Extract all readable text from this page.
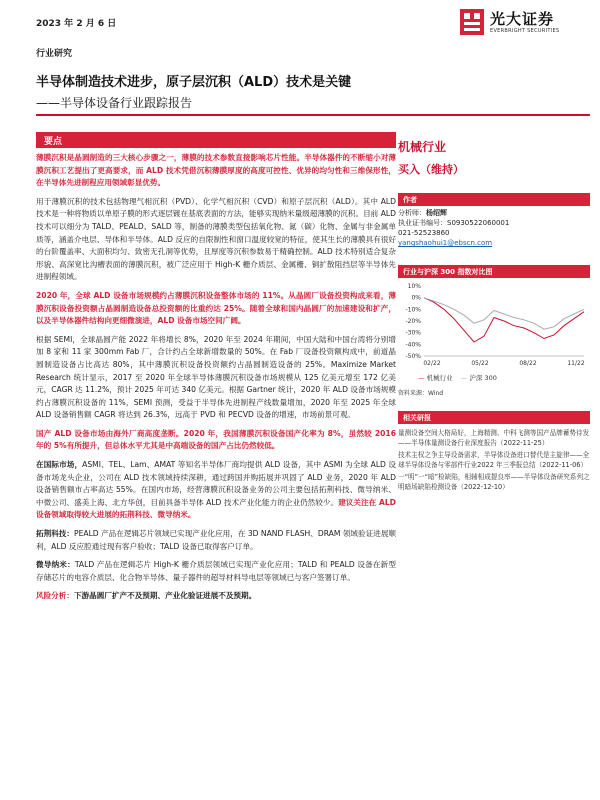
2023 年 2 月 6 日	光大证券
EVERBRIGHT SECURITIES
行业研究
半导体制造技术进步，原子层沉积（ALD）技术是关键
——半导体设备行业跟踪报告
要点

薄膜沉积是晶圆制造的三大核心步骤之一，薄膜的技术参数直接影响芯片性能。半导体器件的不断缩小对薄膜沉积工艺提出了更高要求，而 ALD 技术凭借沉积薄膜厚度的高度可控性、优异的均匀性和三维保形性，在半导体先进制程应用领域彰显优势。

用于薄膜沉积的技术包括物理气相沉积（PVD）、化学气相沉积（CVD）和原子层沉积（ALD）。其中 ALD 技术是一种将物质以单原子膜的形式逐层镀在基底表面的方法，能够实现纳米量级超薄膜的沉积。目前 ALD 技术可以细分为 TALD、PEALD、SALD 等，制备的薄膜类型包括氧化物、氮（碳）化物、金属与非金属单质等，涵盖介电层、导体和半导体。ALD 反应的自限制性和窗口温度较宽的特征，使其生长的薄膜具有很好的台阶覆盖率、大面积均匀、致密无孔洞等优势，且厚度等沉积参数易于精确控制。ALD 技术特别适合复杂形貌、高深宽比沟槽表面的薄膜沉积，被广泛应用于 High-K 栅介质层、金属栅、铜扩散阻挡层等半导体先进制程领域。

2020 年，全球 ALD 设备市场规模约占薄膜沉积设备整体市场的 11%。从晶圆厂设备投资构成来看，薄膜沉积设备投资额占晶圆制造设备总投资额的比重约达 25%。随着全球和国内晶圆厂的加速建设和扩产，以及半导体器件结构向更细微演进，ALD 设备市场空间广阔。

根据 SEMI，全球晶圆产能 2022 年将增长 8%，2020 年至 2024 年期间，中国大陆和中国台湾将分别增加 8 家和 11 家 300mm Fab 厂，合计约占全球新增数量的 50%。在 Fab 厂设备投资额构成中，前道晶圆制造设备占比高达 80%，其中薄膜沉积设备投资额约占晶圆制造设备的 25%。Maximize Market Research 统计显示，2017 至 2020 年全球半导体薄膜沉积设备市场规模从 125 亿美元增至 172 亿美元，CAGR 达 11.2%，预计 2025 年可达 340 亿美元。根据 Gartner 统计，2020 年 ALD 设备市场规模约占薄膜沉积设备的 11%，SEMI 预测，受益于半导体先进制程产线数量增加，2020 年至 2025 年全球 ALD 设备销售额 CAGR 将达到 26.3%，远高于 PVD 和 PECVD 设备的增速，市场前景可观。

国产 ALD 设备市场由海外厂商高度垄断。2020 年，我国薄膜沉积设备国产化率为 8%，虽然较 2016 年的 5%有所提升，但总体水平尤其是中高端设备的国产占比仍然较低。

在国际市场，ASMI、TEL、Lam、AMAT 等知名半导体厂商均提供 ALD 设备，其中 ASMI 为全球 ALD 设备市场龙头企业，公司在 ALD 技术领域持续深耕，通过跨国并购拓展并巩固了 ALD 业务，2020 年 ALD 设备销售额市占率高达 55%。在国内市场，经营薄膜沉积设备业务的公司主要包括拓荆科技、微导纳米、中微公司、盛美上海、北方华创，目前具备半导体 ALD 技术产业化能力的企业仍然较少。建议关注在 ALD 设备领域取得较大进展的拓荆科技、微导纳米。

拓荆科技：PEALD 产品在逻辑芯片领域已实现产业化应用，在 3D NAND FLASH、DRAM 领域验证进展顺利，ALD 反应腔通过现有客户验收；TALD 设备已取得客户订单。

微导纳米：TALD 产品在逻辑芯片 High-K 栅介质层领域已实现产业化应用；TALD 和 PEALD 设备在新型存储芯片的电容介质层、化合物半导体、量子器件的超导材料导电层等领域已与客户签署订单。

风险分析：下游晶圆厂扩产不及预期、产业化验证进展不及预期。

机械行业
买入（维持）
作者
分析师：杨绍辉
执业证书编号：S0930522060001
021-52523860
yangshaohui1@ebscn.com
行业与沪深 300 指数对比图
10%
0%
-10%
-20%
-30%
-40%
-50%
02/22	05/22	08/22	11/22
— 机械行业 — 沪深 300
资料来源：Wind
相关研报

量测设备空间大格局好，上海精测、中科飞测等国产品牌蓄势待发——半导体量测设备行业深度报告（2022-11-25）

技术主权之争主导设备需求，半导体设备进口替代是主旋律——全球半导体设备与零部件行业2022 年三季报总结（2022-11-06）

一“明”一“暗”检缺陷，相辅相成提良率——半导体设备研究系列之明暗场缺陷检测设备（2022-12-10）
